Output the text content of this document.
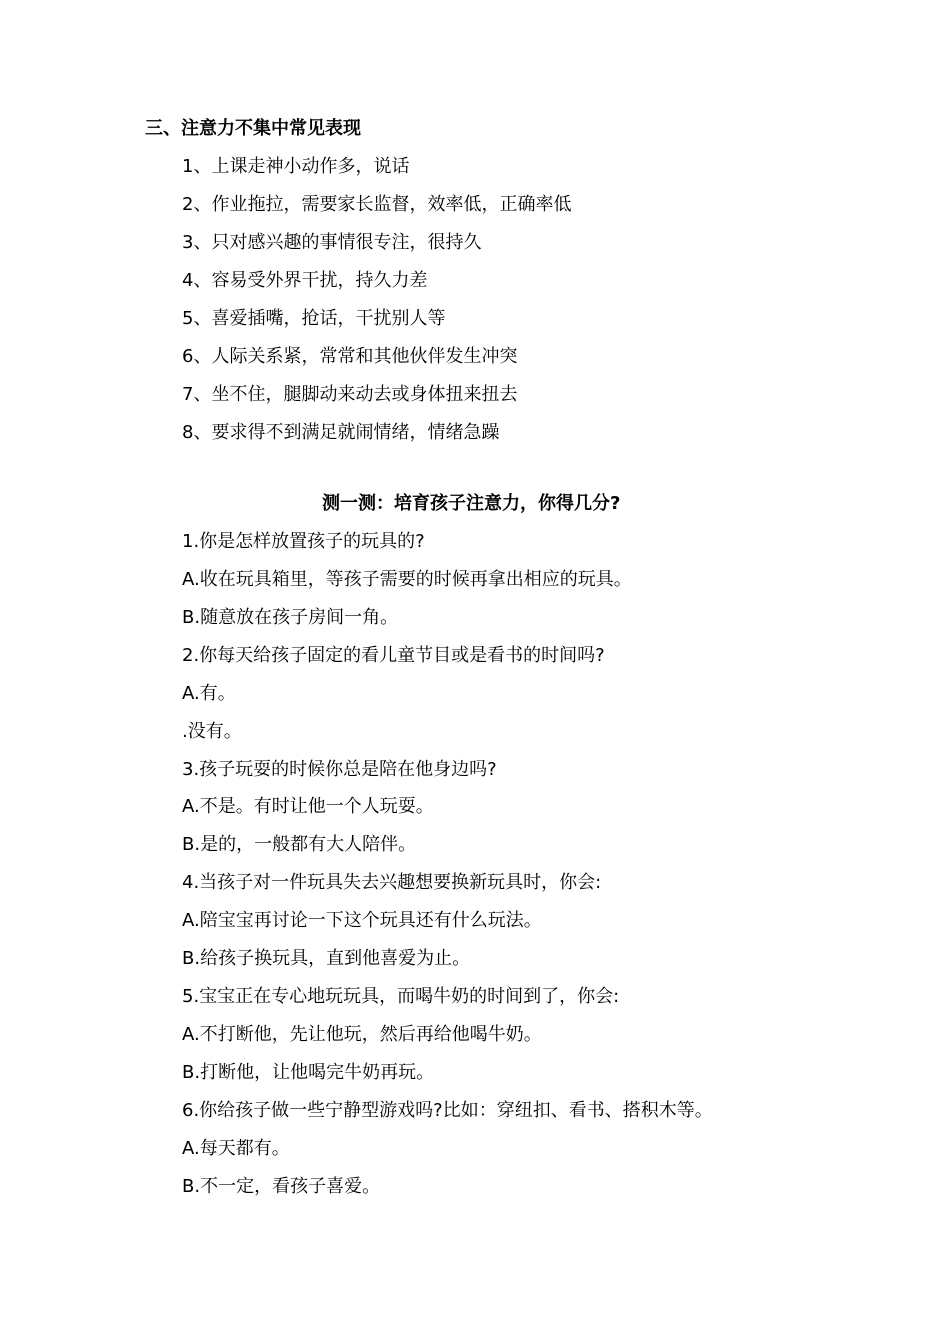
三、注意力不集中常见表现
1、上课走神小动作多，说话
2、作业拖拉，需要家长监督，效率低，正确率低
3、只对感兴趣的事情很专注，很持久
4、容易受外界干扰，持久力差
5、喜爱插嘴，抢话，干扰别人等
6、人际关系紧，常常和其他伙伴发生冲突
7、坐不住，腿脚动来动去或身体扭来扭去
8、要求得不到满足就闹情绪，情绪急躁
测一测：培育孩子注意力，你得几分?
1.你是怎样放置孩子的玩具的?
A.收在玩具箱里，等孩子需要的时候再拿出相应的玩具。
B.随意放在孩子房间一角。
2.你每天给孩子固定的看儿童节目或是看书的时间吗?
A.有。
.没有。
3.孩子玩耍的时候你总是陪在他身边吗?
A.不是。有时让他一个人玩耍。
B.是的，一般都有大人陪伴。
4.当孩子对一件玩具失去兴趣想要换新玩具时，你会:
A.陪宝宝再讨论一下这个玩具还有什么玩法。
B.给孩子换玩具，直到他喜爱为止。
5.宝宝正在专心地玩玩具，而喝牛奶的时间到了，你会:
A.不打断他，先让他玩，然后再给他喝牛奶。
B.打断他，让他喝完牛奶再玩。
6.你给孩子做一些宁静型游戏吗?比如：穿纽扣、看书、搭积木等。
A.每天都有。
B.不一定，看孩子喜爱。
